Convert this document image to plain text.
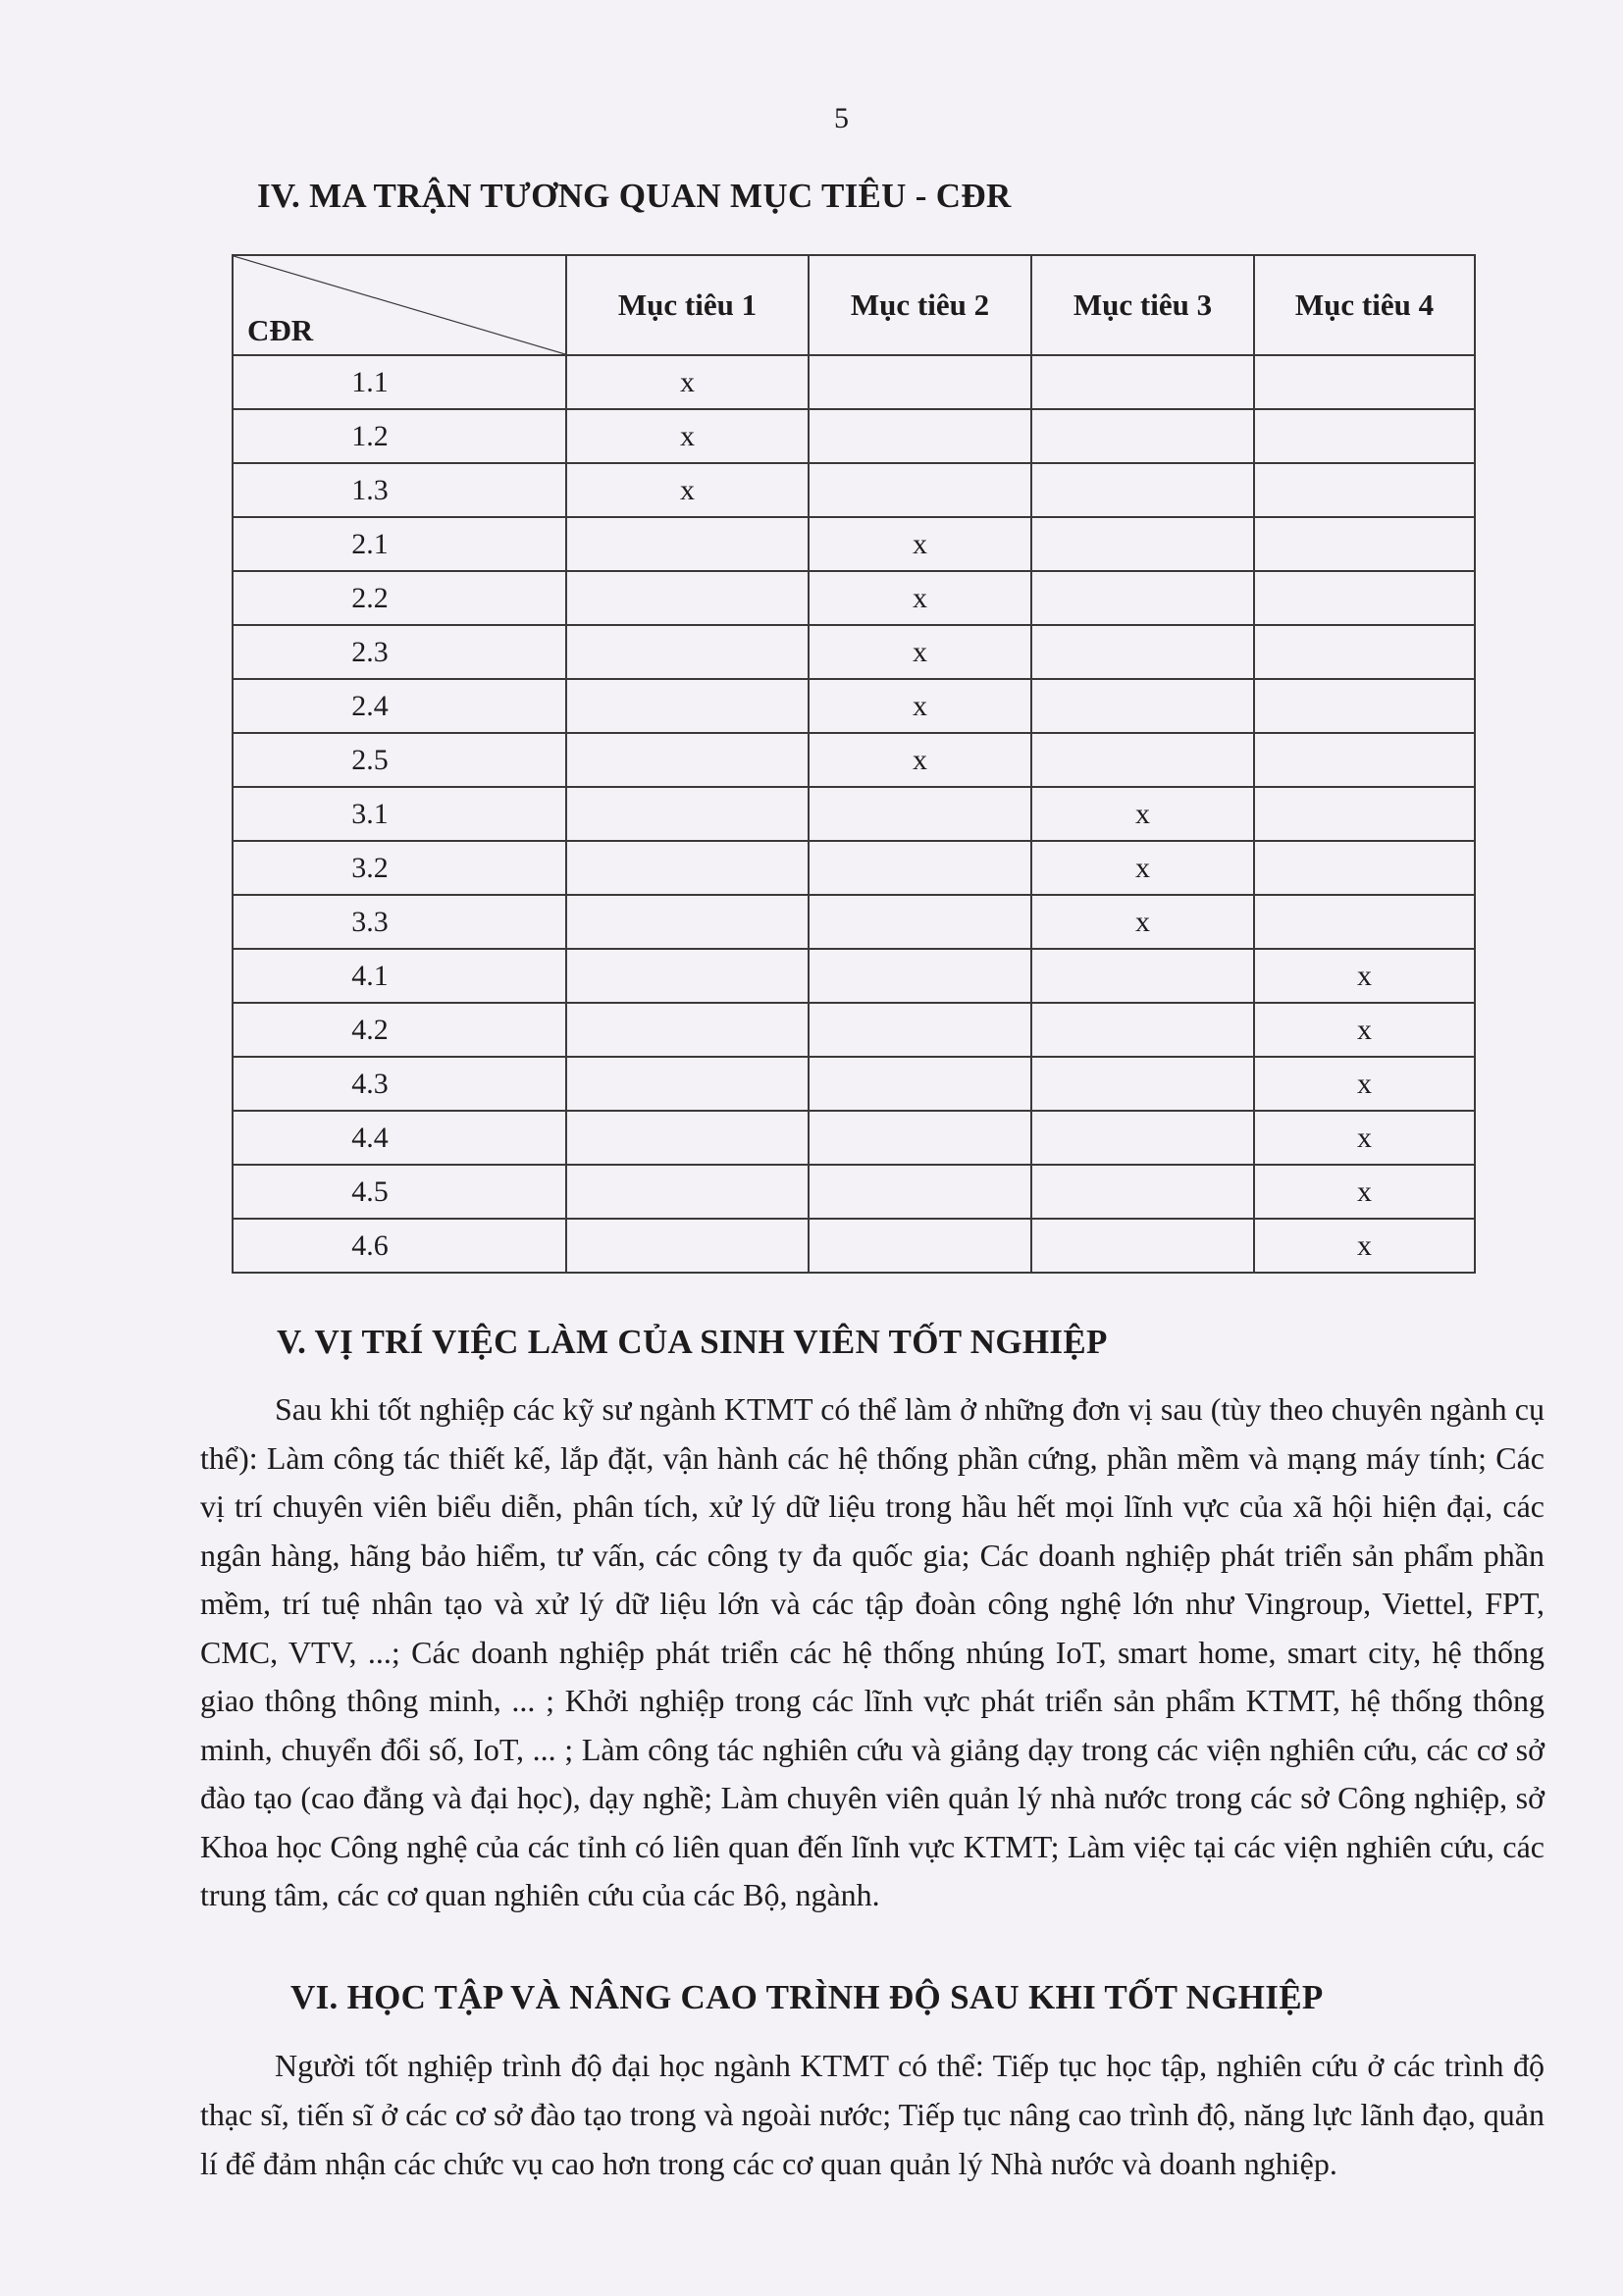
5
IV. MA TRẬN TƯƠNG QUAN MỤC TIÊU - CĐR
CĐR	Mục tiêu 1	Mục tiêu 2	Mục tiêu 3	Mục tiêu 4
1.1	x			
1.2	x			
1.3	x			
2.1		x		
2.2		x		
2.3		x		
2.4		x		
2.5		x		
3.1			x	
3.2			x	
3.3			x	
4.1				x
4.2				x
4.3				x
4.4				x
4.5				x
4.6				x
V. VỊ TRÍ VIỆC LÀM CỦA SINH VIÊN TỐT NGHIỆP
Sau khi tốt nghiệp các kỹ sư ngành KTMT có thể làm ở những đơn vị sau (tùy theo chuyên ngành cụ thể): Làm công tác thiết kế, lắp đặt, vận hành các hệ thống phần cứng, phần mềm và mạng máy tính; Các vị trí chuyên viên biểu diễn, phân tích, xử lý dữ liệu trong hầu hết mọi lĩnh vực của xã hội hiện đại, các ngân hàng, hãng bảo hiểm, tư vấn, các công ty đa quốc gia; Các doanh nghiệp phát triển sản phẩm phần mềm, trí tuệ nhân tạo và xử lý dữ liệu lớn và các tập đoàn công nghệ lớn như Vingroup, Viettel, FPT, CMC, VTV, ...; Các doanh nghiệp phát triển các hệ thống nhúng IoT, smart home, smart city, hệ thống giao thông thông minh, ... ; Khởi nghiệp trong các lĩnh vực phát triển sản phẩm KTMT, hệ thống thông minh, chuyển đổi số, IoT, ... ; Làm công tác nghiên cứu và giảng dạy trong các viện nghiên cứu, các cơ sở đào tạo (cao đẳng và đại học), dạy nghề; Làm chuyên viên quản lý nhà nước trong các sở Công nghiệp, sở Khoa học Công nghệ của các tỉnh có liên quan đến lĩnh vực KTMT; Làm việc tại các viện nghiên cứu, các trung tâm, các cơ quan nghiên cứu của các Bộ, ngành.
VI. HỌC TẬP VÀ NÂNG CAO TRÌNH ĐỘ SAU KHI TỐT NGHIỆP
Người tốt nghiệp trình độ đại học ngành KTMT có thể: Tiếp tục học tập, nghiên cứu ở các trình độ thạc sĩ, tiến sĩ ở các cơ sở đào tạo trong và ngoài nước; Tiếp tục nâng cao trình độ, năng lực lãnh đạo, quản lí để đảm nhận các chức vụ cao hơn trong các cơ quan quản lý Nhà nước và doanh nghiệp.
